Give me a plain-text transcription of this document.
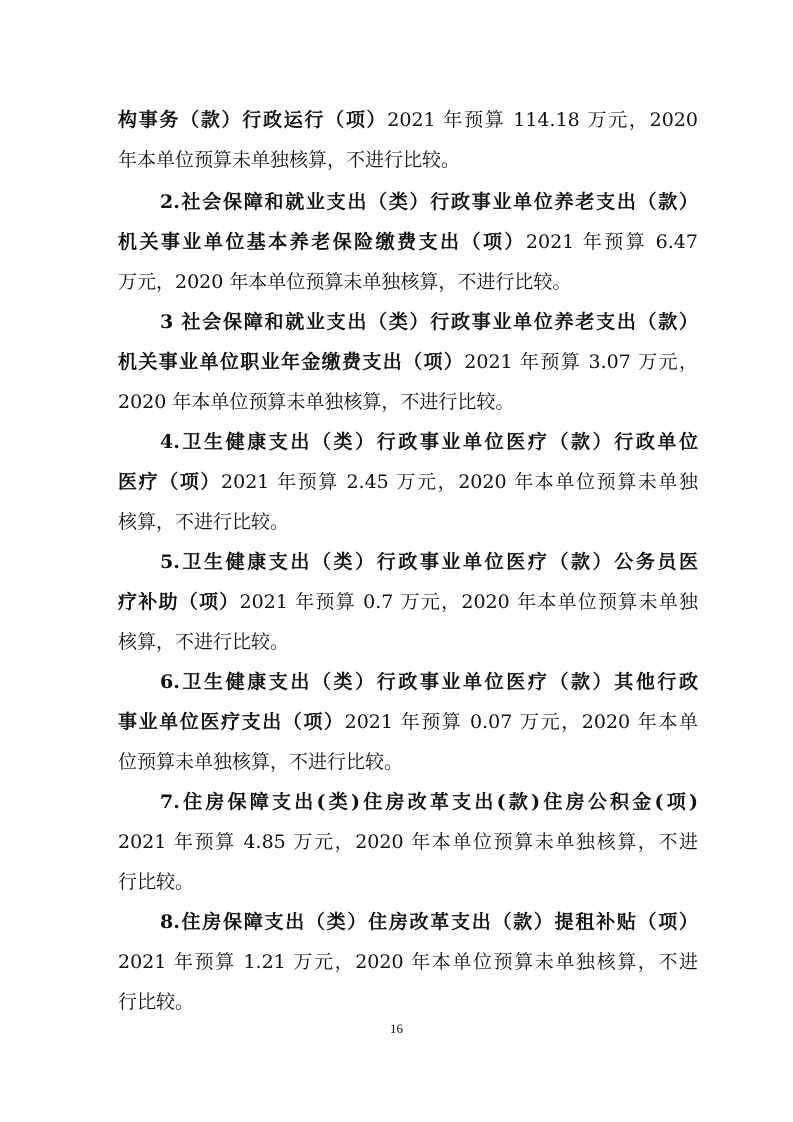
构事务（款）行政运行（项）2021 年预算 114.18 万元，2020
年本单位预算未单独核算，不进行比较。
2.社会保障和就业支出（类）行政事业单位养老支出（款）
机关事业单位基本养老保险缴费支出（项）2021 年预算 6.47
万元，2020 年本单位预算未单独核算，不进行比较。
3 社会保障和就业支出（类）行政事业单位养老支出（款）
机关事业单位职业年金缴费支出（项）2021 年预算 3.07 万元，
2020 年本单位预算未单独核算，不进行比较。
4.卫生健康支出（类）行政事业单位医疗（款）行政单位
医疗（项）2021 年预算 2.45 万元，2020 年本单位预算未单独
核算，不进行比较。
5.卫生健康支出（类）行政事业单位医疗（款）公务员医
疗补助（项）2021 年预算 0.7 万元，2020 年本单位预算未单独
核算，不进行比较。
6.卫生健康支出（类）行政事业单位医疗（款）其他行政
事业单位医疗支出（项）2021 年预算 0.07 万元，2020 年本单
位预算未单独核算，不进行比较。
7.住房保障支出(类)住房改革支出(款)住房公积金(项)
2021 年预算 4.85 万元，2020 年本单位预算未单独核算，不进
行比较。
8.住房保障支出（类）住房改革支出（款）提租补贴（项）
2021 年预算 1.21 万元，2020 年本单位预算未单独核算，不进
行比较。
16
